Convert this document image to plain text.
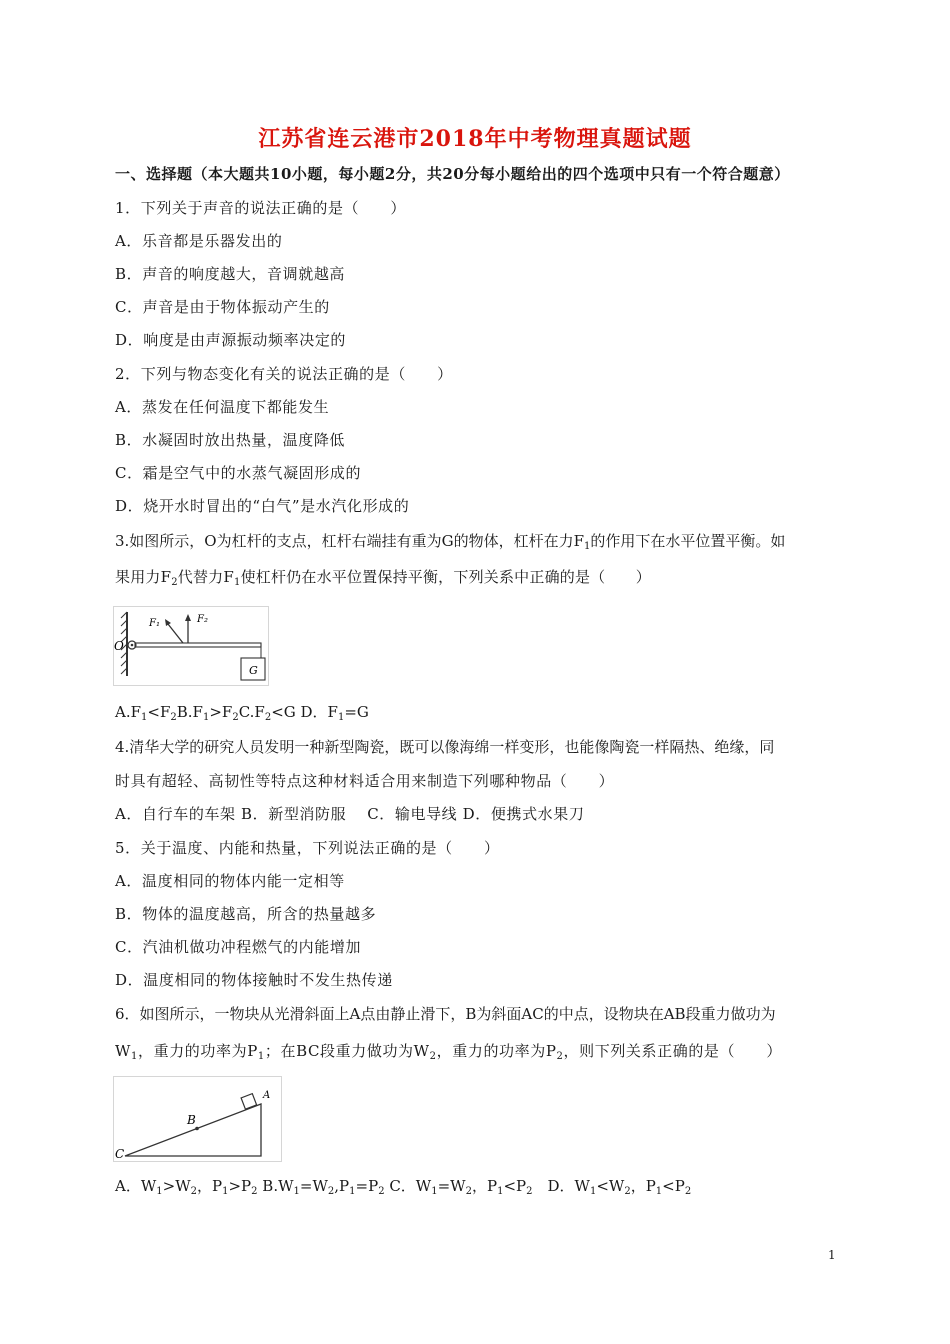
江苏省连云港市2018年中考物理真题试题
一、选择题（本大题共10小题，每小题2分，共20分每小题给出的四个选项中只有一个符合题意）
1．下列关于声音的说法正确的是（　　）
A．乐音都是乐器发出的
B．声音的响度越大，音调就越高
C．声音是由于物体振动产生的
D．响度是由声源振动频率决定的
2．下列与物态变化有关的说法正确的是（　　）
A．蒸发在任何温度下都能发生
B．水凝固时放出热量，温度降低
C．霜是空气中的水蒸气凝固形成的
D．烧开水时冒出的“白气”是水汽化形成的
3.如图所示，O为杠杆的支点，杠杆右端挂有重为G的物体，杠杆在力$F_1$的作用下在水平位置平衡。如
果用力$F_2$代替力$F_1$使杠杆仍在水平位置保持平衡，下列关系中正确的是（　　）
O
F₁	F₂
G
$A.F_1<F_2B.F_1>F_2C.F_2<G$ D．$F_1=G$
4.清华大学的研究人员发明一种新型陶瓷，既可以像海绵一样变形，也能像陶瓷一样隔热、绝缘，同
时具有超轻、高韧性等特点这种材料适合用来制造下列哪种物品（　　）
A．自行车的车架 B．新型消防服　 C．输电导线 D．便携式水果刀
5．关于温度、内能和热量，下列说法正确的是（　　）
A．温度相同的物体内能一定相等
B．物体的温度越高，所含的热量越多
C．汽油机做功冲程燃气的内能增加
D．温度相同的物体接触时不发生热传递
6．如图所示，一物块从光滑斜面上A点由静止滑下，B为斜面AC的中点，设物块在AB段重力做功为
$W_1$，重力的功率为$P_1$；在BC段重力做功为$W_2$，重力的功率为$P_2$，则下列关系正确的是（　　）
B
A
C
A．$W_1>W_2$，$P_1>P_2$ $B.W_1=W_2,P_1=P_2$ C．$W_1=W_2$，$P_1<P_2$　D．$W_1<W_2$，$P_1<P_2$
1
